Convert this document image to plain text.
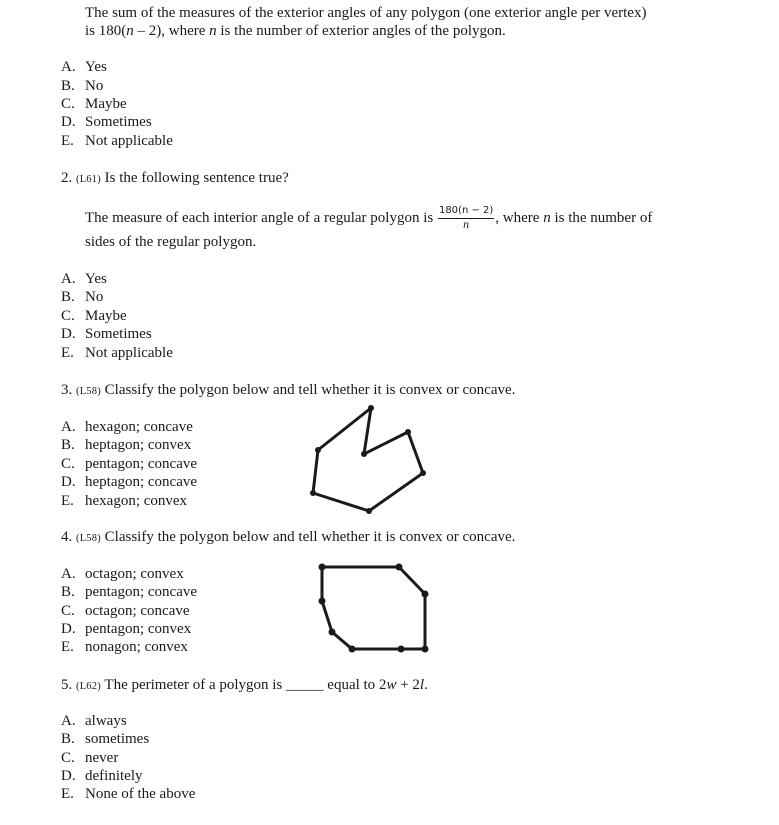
The sum of the measures of the exterior angles of any polygon (one exterior angle per vertex)
is 180(n – 2), where n is the number of exterior angles of the polygon.
A. Yes
B. No
C. Maybe
D. Sometimes
E. Not applicable
2. (L61) Is the following sentence true?
The measure of each interior angle of a regular polygon is $\frac{180(n - 2)}{n}$ , where n is the number of
sides of the regular polygon.
A. Yes
B. No
C. Maybe
D. Sometimes
E. Not applicable
3. (L58) Classify the polygon below and tell whether it is convex or concave.
A. hexagon; concave
B. heptagon; convex
C. pentagon; concave
D. heptagon; concave
E. hexagon; convex
4. (L58) Classify the polygon below and tell whether it is convex or concave.
A. octagon; convex
B. pentagon; concave
C. octagon; concave
D. pentagon; convex
E. nonagon; convex
5. (L62) The perimeter of a polygon is _____ equal to 2w + 2l.
A. always
B. sometimes
C. never
D. definitely
E. None of the above
